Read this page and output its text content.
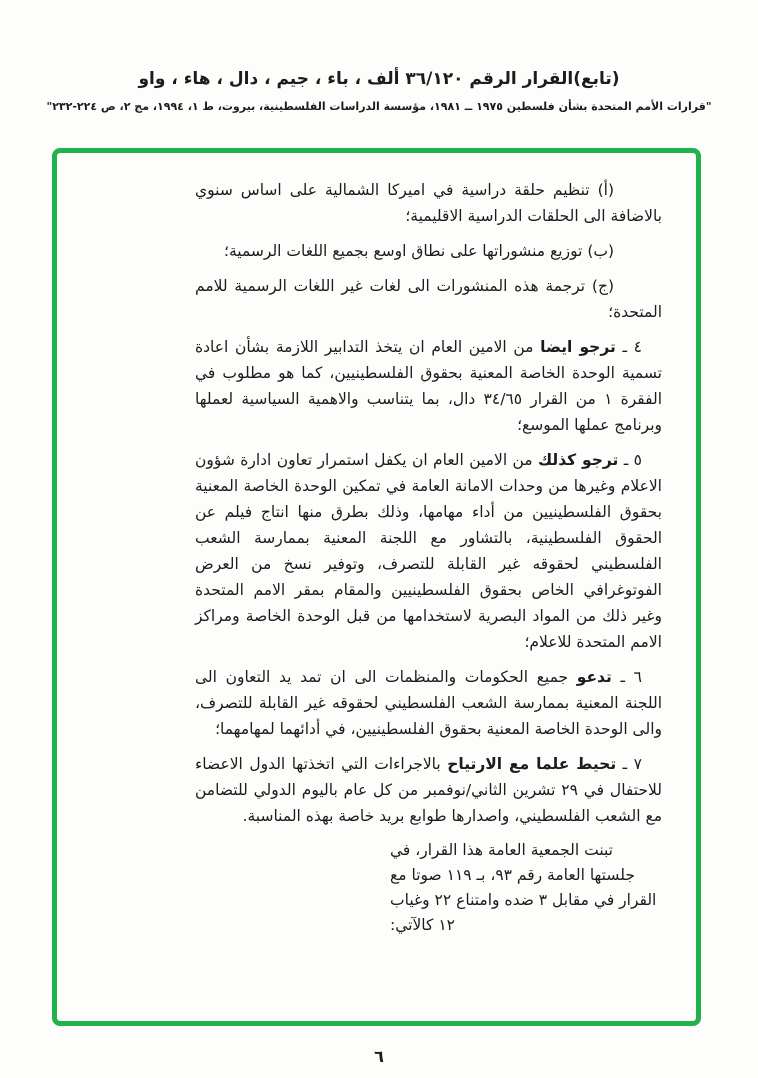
(تابع)القرار الرقم ٣٦/١٢٠ ألف ، باء ، جيم ، دال ، هاء ، واو
"قرارات الأمم المتحدة بشأن فلسطين ١٩٧٥ ــ ١٩٨١، مؤسسة الدراسات الفلسطينية، بيروت، ط ١، ١٩٩٤، مج ٢، ص ٢٢٤-٢٣٢"

(أ) تنظيم حلقة دراسية في اميركا الشمالية على اساس سنوي بالاضافة الى الحلقات الدراسية الاقليمية؛

(ب) توزيع منشوراتها على نطاق اوسع بجميع اللغات الرسمية؛

(ج) ترجمة هذه المنشورات الى لغات غير اللغات الرسمية للامم المتحدة؛

٤ ـ ترجو ايضا من الامين العام ان يتخذ التدابير اللازمة بشأن اعادة تسمية الوحدة الخاصة المعنية بحقوق الفلسطينيين، كما هو مطلوب في الفقرة ١ من القرار ٣٤/٦٥ دال، بما يتناسب والاهمية السياسية لعملها وبرنامج عملها الموسع؛

٥ ـ ترجو كذلك من الامين العام ان يكفل استمرار تعاون ادارة شؤون الاعلام وغيرها من وحدات الامانة العامة في تمكين الوحدة الخاصة المعنية بحقوق الفلسطينيين من أداء مهامها، وذلك بطرق منها انتاج فيلم عن الحقوق الفلسطينية، بالتشاور مع اللجنة المعنية بممارسة الشعب الفلسطيني لحقوقه غير القابلة للتصرف، وتوفير نسخ من العرض الفوتوغرافي الخاص بحقوق الفلسطينيين والمقام بمقر الامم المتحدة وغير ذلك من المواد البصرية لاستخدامها من قبل الوحدة الخاصة ومراكز الامم المتحدة للاعلام؛

٦ ـ تدعو جميع الحكومات والمنظمات الى ان تمد يد التعاون الى اللجنة المعنية بممارسة الشعب الفلسطيني لحقوقه غير القابلة للتصرف، والى الوحدة الخاصة المعنية بحقوق الفلسطينيين، في أدائهما لمهامهما؛

٧ ـ تحيط علما مع الارتياح بالاجراءات التي اتخذتها الدول الاعضاء للاحتفال في ٢٩ تشرين الثاني/نوفمبر من كل عام باليوم الدولي للتضامن مع الشعب الفلسطيني، واصدارها طوابع بريد خاصة بهذه المناسبة.

تبنت الجمعية العامة هذا القرار، في جلستها العامة رقم ٩٣، بـ ١١٩ صوتا مع القرار في مقابل ٣ ضده وامتناع ٢٢ وغياب ١٢ كالآتي:

٦
